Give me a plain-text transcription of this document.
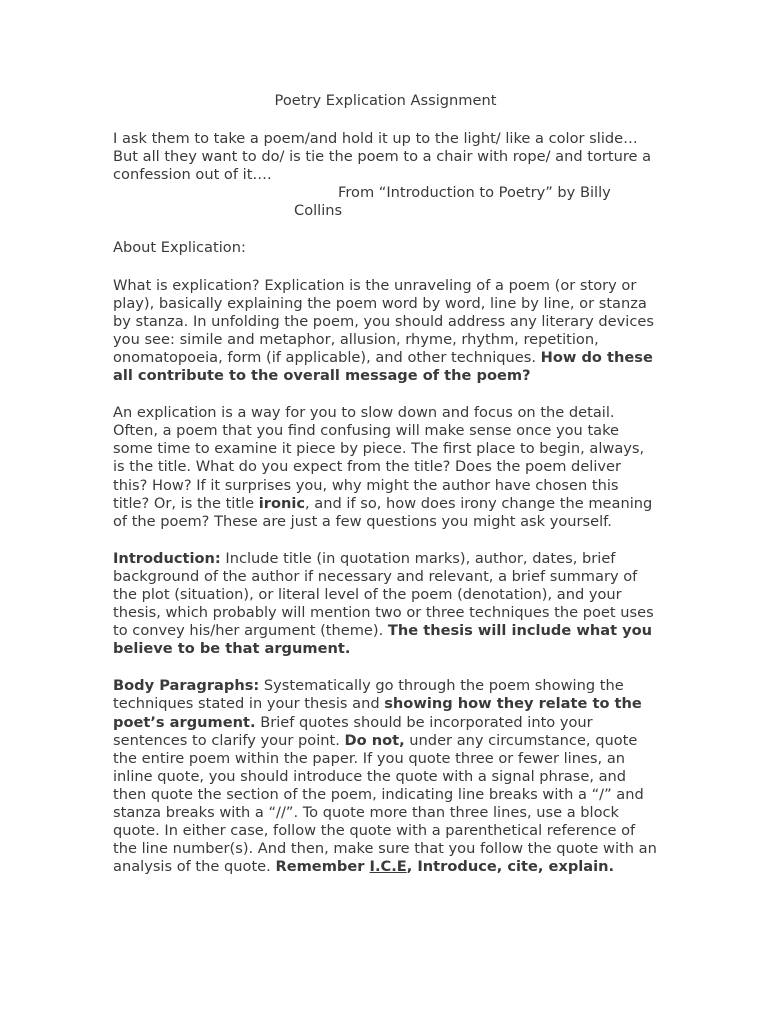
Poetry Explication Assignment

I ask them to take a poem/and hold it up to the light/ like a color slide… But all they want to do/ is tie the poem to a chair with rope/ and torture a confession out of it….

From “Introduction to Poetry” by Billy

Collins

About Explication:

What is explication? Explication is the unraveling of a poem (or story or play), basically explaining the poem word by word, line by line, or stanza by stanza. In unfolding the poem, you should address any literary devices you see: simile and metaphor, allusion, rhyme, rhythm, repetition, onomatopoeia, form (if applicable), and other techniques. How do these all contribute to the overall message of the poem?

An explication is a way for you to slow down and focus on the detail. Often, a poem that you find confusing will make sense once you take some time to examine it piece by piece. The first place to begin, always, is the title. What do you expect from the title? Does the poem deliver this? How? If it surprises you, why might the author have chosen this title? Or, is the title ironic, and if so, how does irony change the meaning of the poem? These are just a few questions you might ask yourself.

Introduction: Include title (in quotation marks), author, dates, brief background of the author if necessary and relevant, a brief summary of the plot (situation), or literal level of the poem (denotation), and your thesis, which probably will mention two or three techniques the poet uses to convey his/her argument (theme). The thesis will include what you believe to be that argument.

Body Paragraphs: Systematically go through the poem showing the techniques stated in your thesis and showing how they relate to the poet’s argument. Brief quotes should be incorporated into your sentences to clarify your point. Do not, under any circumstance, quote the entire poem within the paper. If you quote three or fewer lines, an inline quote, you should introduce the quote with a signal phrase, and then quote the section of the poem, indicating line breaks with a “/” and stanza breaks with a “//”. To quote more than three lines, use a block quote. In either case, follow the quote with a parenthetical reference of the line number(s). And then, make sure that you follow the quote with an analysis of the quote. Remember I.C.E, Introduce, cite, explain.
